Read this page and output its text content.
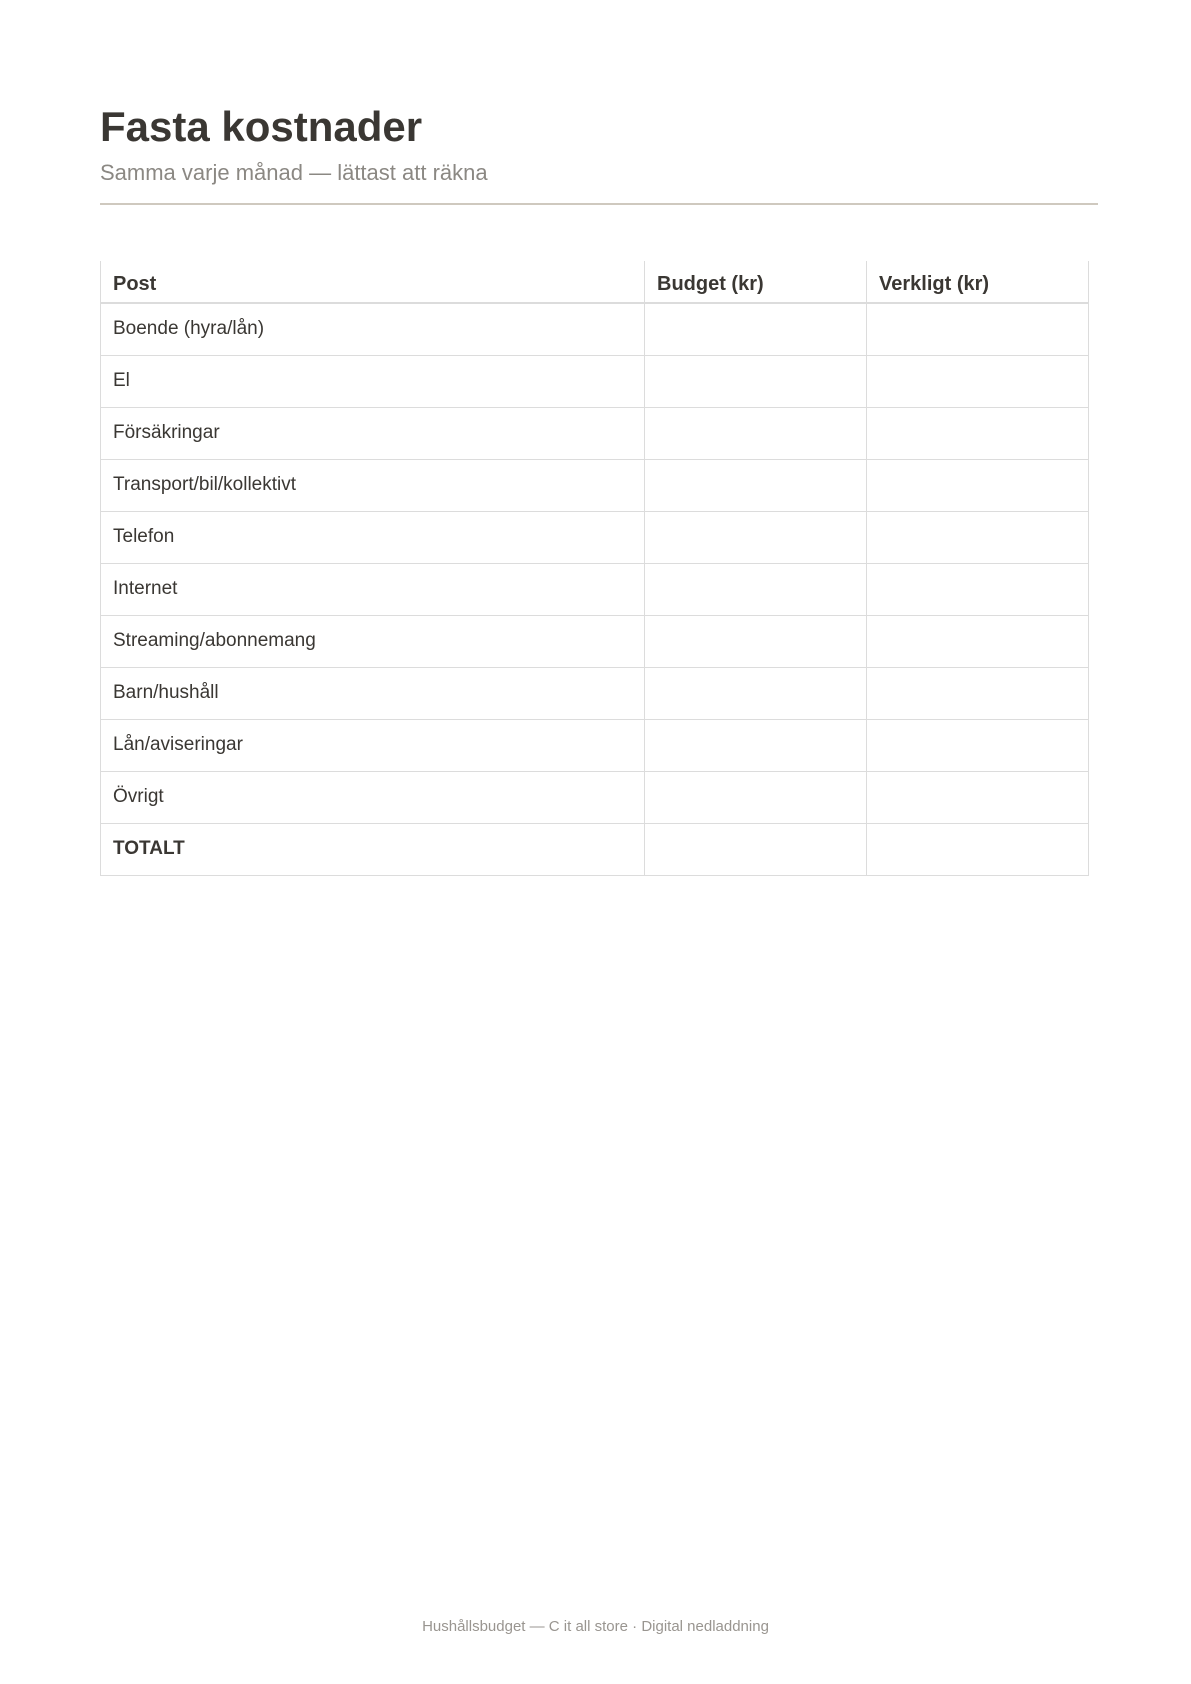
Fasta kostnader
Samma varje månad — lättast att räkna
Post	Budget (kr)	Verkligt (kr)
Boende (hyra/lån)		
El		
Försäkringar		
Transport/bil/kollektivt		
Telefon		
Internet		
Streaming/abonnemang		
Barn/hushåll		
Lån/aviseringar		
Övrigt		
TOTALT		
Hushållsbudget — C it all store · Digital nedladdning
